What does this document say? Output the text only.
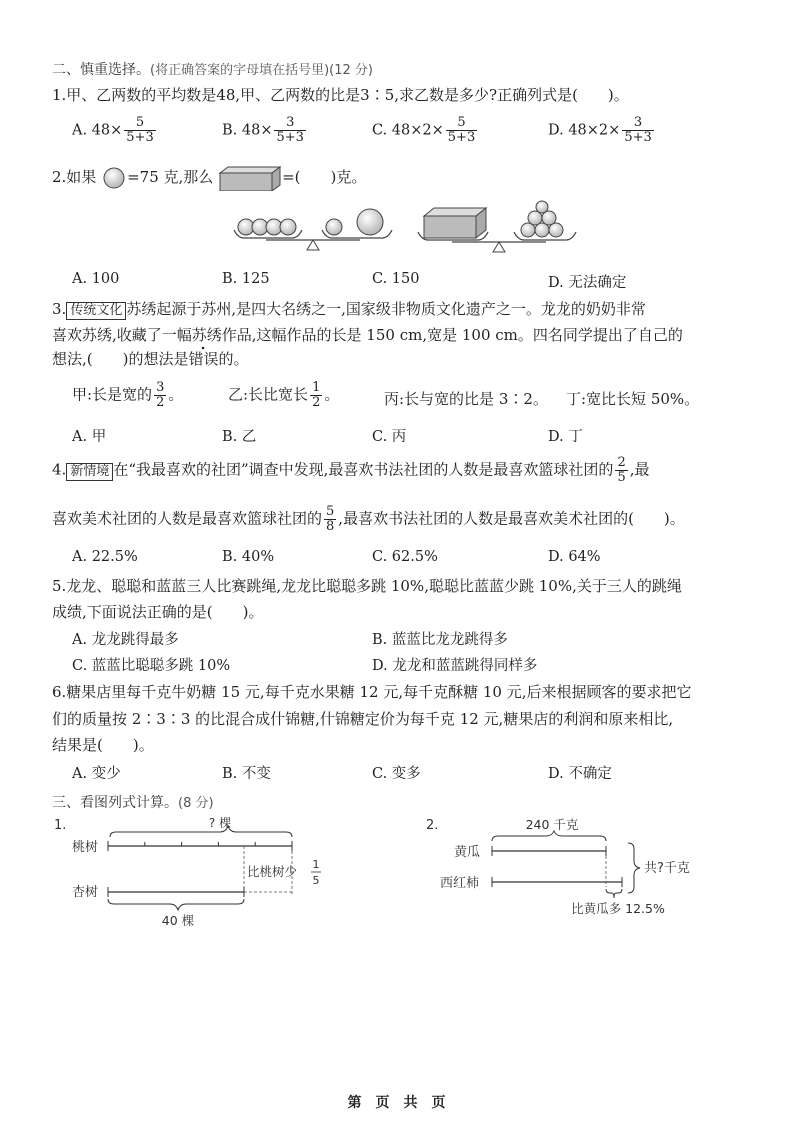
二、慎重选择。(将正确答案的字母填在括号里)(12 分)
1.甲、乙两数的平均数是48,甲、乙两数的比是3∶5,求乙数是多少?正确列式是(　　)。
A. $48\times \frac{5}{5+3}$	B. $48\times \frac{3}{5+3}$	C. $48\times 2\times \frac{5}{5+3}$	D. $48\times 2\times \frac{3}{5+3}$
2.如果 =75 克,那么	=(　　)克。
A. 100	B. 125	C. 150	D. 无法确定
3. 传统文化 苏绣起源于苏州,是四大名绣之一,国家级非物质文化遗产之一。龙龙的奶奶非常
喜欢苏绣,收藏了一幅苏绣作品,这幅作品的长是 150 cm,宽是 100 cm。四名同学提出了自己的
想法,(　　)的想法是错误的。
甲:长是宽的 $\frac{3}{2}$ 。	乙:长比宽长 $\frac{1}{2}$ 。	丙:长与宽的比是 3∶2。 丁:宽比长短 50%。
A. 甲	B. 乙	C. 丙	D. 丁
4. 新情境 在“我最喜欢的社团”调查中发现,最喜欢书法社团的人数是最喜欢篮球社团的 $\frac{2}{5}$ ,最
喜欢美术社团的人数是最喜欢篮球社团的 $\frac{5}{8}$ ,最喜欢书法社团的人数是最喜欢美术社团的(　　)。
A. 22.5%	B. 40%	C. 62.5%	D. 64%
5.龙龙、聪聪和蓝蓝三人比赛跳绳,龙龙比聪聪多跳 10%,聪聪比蓝蓝少跳 10%,关于三人的跳绳
成绩,下面说法正确的是(　　)。
A. 龙龙跳得最多	B. 蓝蓝比龙龙跳得多
C. 蓝蓝比聪聪多跳 10%	D. 龙龙和蓝蓝跳得同样多
6.糖果店里每千克牛奶糖 15 元,每千克水果糖 12 元,每千克酥糖 10 元,后来根据顾客的要求把它
们的质量按 2∶3∶3 的比混合成什锦糖,什锦糖定价为每千克 12 元,糖果店的利润和原来相比,
结果是(　　)。
A. 变少	B. 不变	C. 变多	D. 不确定
三、看图列式计算。(8 分)
1.	? 棵
桃树
比桃树少 1
5
杏树
40 棵
2.	240 千克
黄瓜
西红柿
共?千克
比黄瓜多 12.5%
第　页　共　页
